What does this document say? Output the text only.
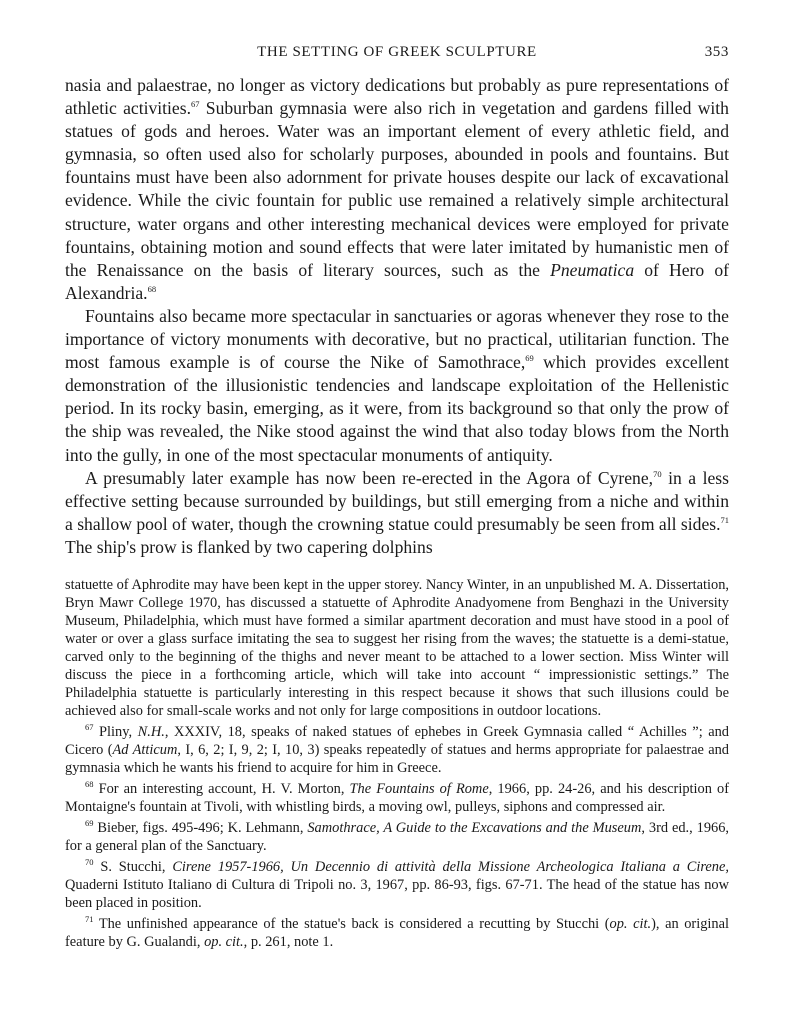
THE SETTING OF GREEK SCULPTURE	353

nasia and palaestrae, no longer as victory dedications but probably as pure representations of athletic activities.$^{67}$ Suburban gymnasia were also rich in vegetation and gardens filled with statues of gods and heroes. Water was an important element of every athletic field, and gymnasia, so often used also for scholarly purposes, abounded in pools and fountains. But fountains must have been also adornment for private houses despite our lack of excavational evidence. While the civic fountain for public use remained a relatively simple architectural structure, water organs and other interesting mechanical devices were employed for private fountains, obtaining motion and sound effects that were later imitated by humanistic men of the Renaissance on the basis of literary sources, such as the Pneumatica of Hero of Alexandria.$^{68}$

Fountains also became more spectacular in sanctuaries or agoras whenever they rose to the importance of victory monuments with decorative, but no practical, utilitarian function. The most famous example is of course the Nike of Samothrace,$^{69}$ which provides excellent demonstration of the illusionistic tendencies and landscape exploitation of the Hellenistic period. In its rocky basin, emerging, as it were, from its background so that only the prow of the ship was revealed, the Nike stood against the wind that also today blows from the North into the gully, in one of the most spectacular monuments of antiquity.

A presumably later example has now been re-erected in the Agora of Cyrene,$^{70}$ in a less effective setting because surrounded by buildings, but still emerging from a niche and within a shallow pool of water, though the crowning statue could presumably be seen from all sides.$^{71}$ The ship's prow is flanked by two capering dolphins

statuette of Aphrodite may have been kept in the upper storey. Nancy Winter, in an unpublished M. A. Dissertation, Bryn Mawr College 1970, has discussed a statuette of Aphrodite Anadyomene from Benghazi in the University Museum, Philadelphia, which must have formed a similar apartment decoration and must have stood in a pool of water or over a glass surface imitating the sea to suggest her rising from the waves; the statuette is a demi-statue, carved only to the beginning of the thighs and never meant to be attached to a lower section. Miss Winter will discuss the piece in a forthcoming article, which will take into account “ impressionistic settings.” The Philadelphia statuette is particularly interesting in this respect because it shows that such illusions could be achieved also for small-scale works and not only for large compositions in outdoor locations.

$^{67}$ Pliny, N.H., XXXIV, 18, speaks of naked statues of ephebes in Greek Gymnasia called “ Achilles ”; and Cicero (Ad Atticum, I, 6, 2; I, 9, 2; I, 10, 3) speaks repeatedly of statues and herms appropriate for palaestrae and gymnasia which he wants his friend to acquire for him in Greece.

$^{68}$ For an interesting account, H. V. Morton, The Fountains of Rome, 1966, pp. 24-26, and his description of Montaigne's fountain at Tivoli, with whistling birds, a moving owl, pulleys, siphons and compressed air.

$^{69}$ Bieber, figs. 495-496; K. Lehmann, Samothrace, A Guide to the Excavations and the Museum, 3rd ed., 1966, for a general plan of the Sanctuary.

$^{70}$ S. Stucchi, Cirene 1957-1966, Un Decennio di attività della Missione Archeologica Italiana a Cirene, Quaderni Istituto Italiano di Cultura di Tripoli no. 3, 1967, pp. 86-93, figs. 67-71. The head of the statue has now been placed in position.

$^{71}$ The unfinished appearance of the statue's back is considered a recutting by Stucchi (op. cit.), an original feature by G. Gualandi, op. cit., p. 261, note 1.
